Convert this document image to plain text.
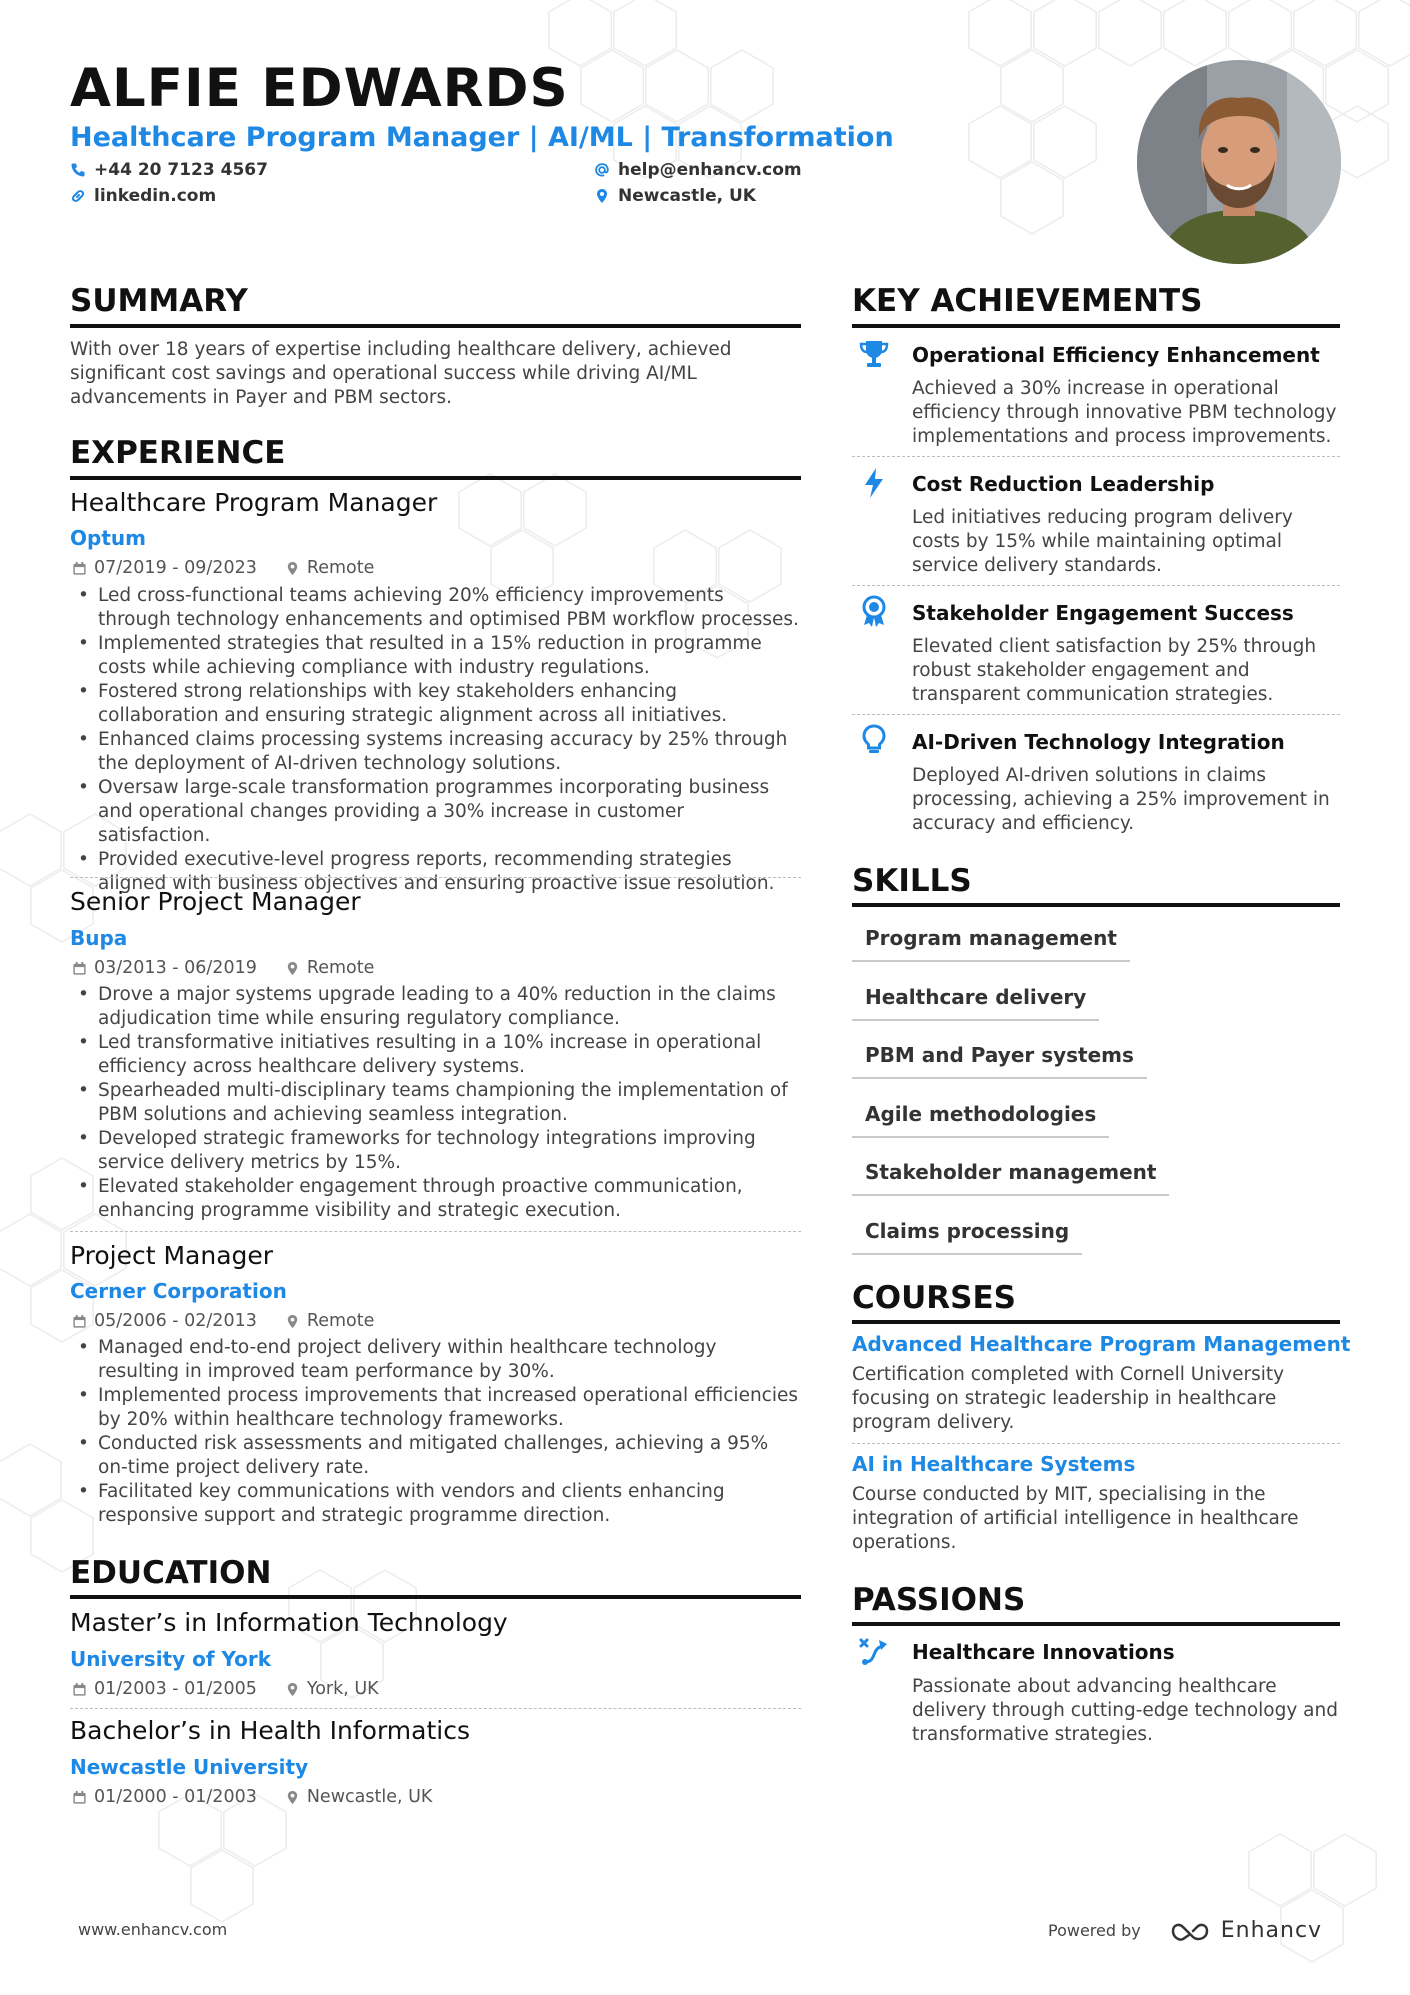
ALFIE EDWARDS
Healthcare Program Manager | AI/ML | Transformation
+44 20 7123 4567
linkedin.com
help@enhancv.com
Newcastle, UK
SUMMARY
With over 18 years of expertise including healthcare delivery, achieved significant cost savings and operational success while driving AI/ML advancements in Payer and PBM sectors.
EXPERIENCE
Healthcare Program Manager
Optum
07/2019 - 09/2023	Remote
• Led cross-functional teams achieving 20% efficiency improvements through technology enhancements and optimised PBM workflow processes.
• Implemented strategies that resulted in a 15% reduction in programme costs while achieving compliance with industry regulations.
• Fostered strong relationships with key stakeholders enhancing collaboration and ensuring strategic alignment across all initiatives.
• Enhanced claims processing systems increasing accuracy by 25% through the deployment of AI-driven technology solutions.
• Oversaw large-scale transformation programmes incorporating business and operational changes providing a 30% increase in customer satisfaction.
• Provided executive-level progress reports, recommending strategies aligned with business objectives and ensuring proactive issue resolution.
Senior Project Manager
Bupa
03/2013 - 06/2019	Remote
• Drove a major systems upgrade leading to a 40% reduction in the claims adjudication time while ensuring regulatory compliance.
• Led transformative initiatives resulting in a 10% increase in operational efficiency across healthcare delivery systems.
• Spearheaded multi-disciplinary teams championing the implementation of PBM solutions and achieving seamless integration.
• Developed strategic frameworks for technology integrations improving service delivery metrics by 15%.
• Elevated stakeholder engagement through proactive communication, enhancing programme visibility and strategic execution.
Project Manager
Cerner Corporation
05/2006 - 02/2013	Remote
• Managed end-to-end project delivery within healthcare technology resulting in improved team performance by 30%.
• Implemented process improvements that increased operational efficiencies by 20% within healthcare technology frameworks.
• Conducted risk assessments and mitigated challenges, achieving a 95% on-time project delivery rate.
• Facilitated key communications with vendors and clients enhancing responsive support and strategic programme direction.
EDUCATION
Master’s in Information Technology
University of York
01/2003 - 01/2005	York, UK
Bachelor’s in Health Informatics
Newcastle University
01/2000 - 01/2003	Newcastle, UK
KEY ACHIEVEMENTS
Operational Efficiency Enhancement
Achieved a 30% increase in operational efficiency through innovative PBM technology implementations and process improvements.
Cost Reduction Leadership
Led initiatives reducing program delivery costs by 15% while maintaining optimal service delivery standards.
Stakeholder Engagement Success
Elevated client satisfaction by 25% through robust stakeholder engagement and transparent communication strategies.
AI-Driven Technology Integration
Deployed AI-driven solutions in claims processing, achieving a 25% improvement in accuracy and efficiency.
SKILLS
Program management
Healthcare delivery
PBM and Payer systems
Agile methodologies
Stakeholder management
Claims processing
COURSES
Advanced Healthcare Program Management
Certification completed with Cornell University focusing on strategic leadership in healthcare program delivery.
AI in Healthcare Systems
Course conducted by MIT, specialising in the integration of artificial intelligence in healthcare operations.
PASSIONS
Healthcare Innovations
Passionate about advancing healthcare delivery through cutting-edge technology and transformative strategies.
www.enhancv.com	Powered by	Enhancv
